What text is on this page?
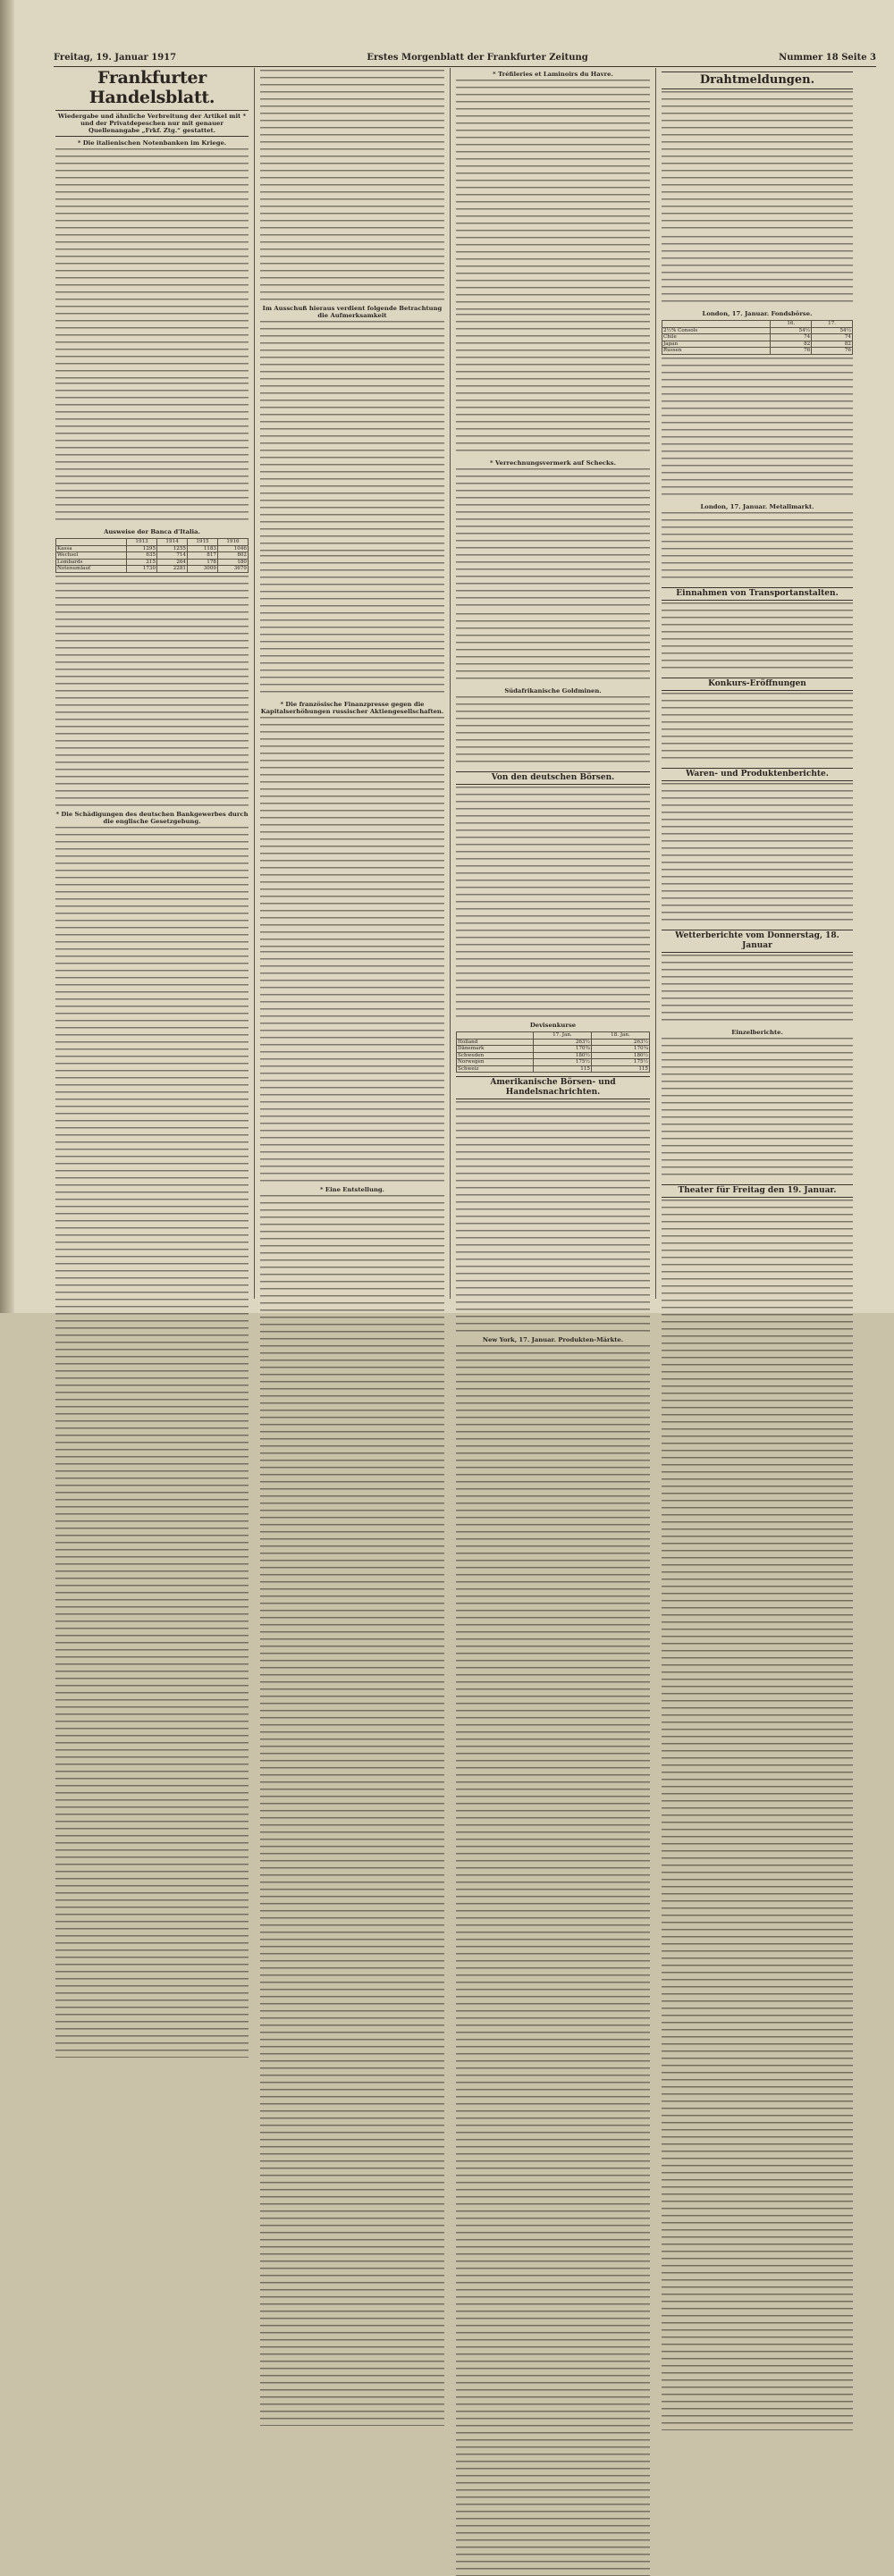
Freitag, 19. Januar 1917	Erstes Morgenblatt der Frankfurter Zeitung	Nummer 18 Seite 3
Frankfurter Handelsblatt.
Wiedergabe und ähnliche Verbreitung der Artikel mit * und der Privatdepeschen nur mit genauer Quellenangabe „Frkf. Ztg.“ gestattet.
* Die italienischen Notenbanken im Kriege.
Ausweise der Banca d'Italia.
	1913	1914	1915	1916
Kassa	1295	1255	1183	1046
Wechsel	635	714	817	802
Lombards	215	264	178	180
Notenumlauf	1730	2281	3009	3679
* Die Schädigungen des deutschen Bankgewerbes durch die englische Gesetzgebung.
Im Ausschuß hieraus verdient folgende Betrachtung die Aufmerksamkeit
* Die französische Finanzpresse gegen die Kapitalserhöhungen russischer Aktiengesellschaften.
* Eine Entstellung.
* Tréfileries et Laminoirs du Havre.
* Verrechnungsvermerk auf Schecks.
Südafrikanische Goldminen.
Von den deutschen Börsen.
Devisenkurse
	17. Jan.	18. Jan.
Holland	263½	263½
Dänemark	170¾	170¾
Schweden	180½	180½
Norwegen	175½	175½
Schweiz	115	115
Amerikanische Börsen- und Handelsnachrichten.
New York, 17. Januar. Produkten-Märkte.
Drahtmeldungen.
London, 17. Januar. Fondsbörse.
	16.	17.
2½% Consols	54½	54½
Chile	74	74
Japan	82	82
Russen	76	76
London, 17. Januar. Metallmarkt.
Einnahmen von Transportanstalten.
Konkurs-Eröffnungen
Waren- und Produktenberichte.
Wetterberichte vom Donnerstag, 18. Januar
Einzelberichte.
Theater für Freitag den 19. Januar.
